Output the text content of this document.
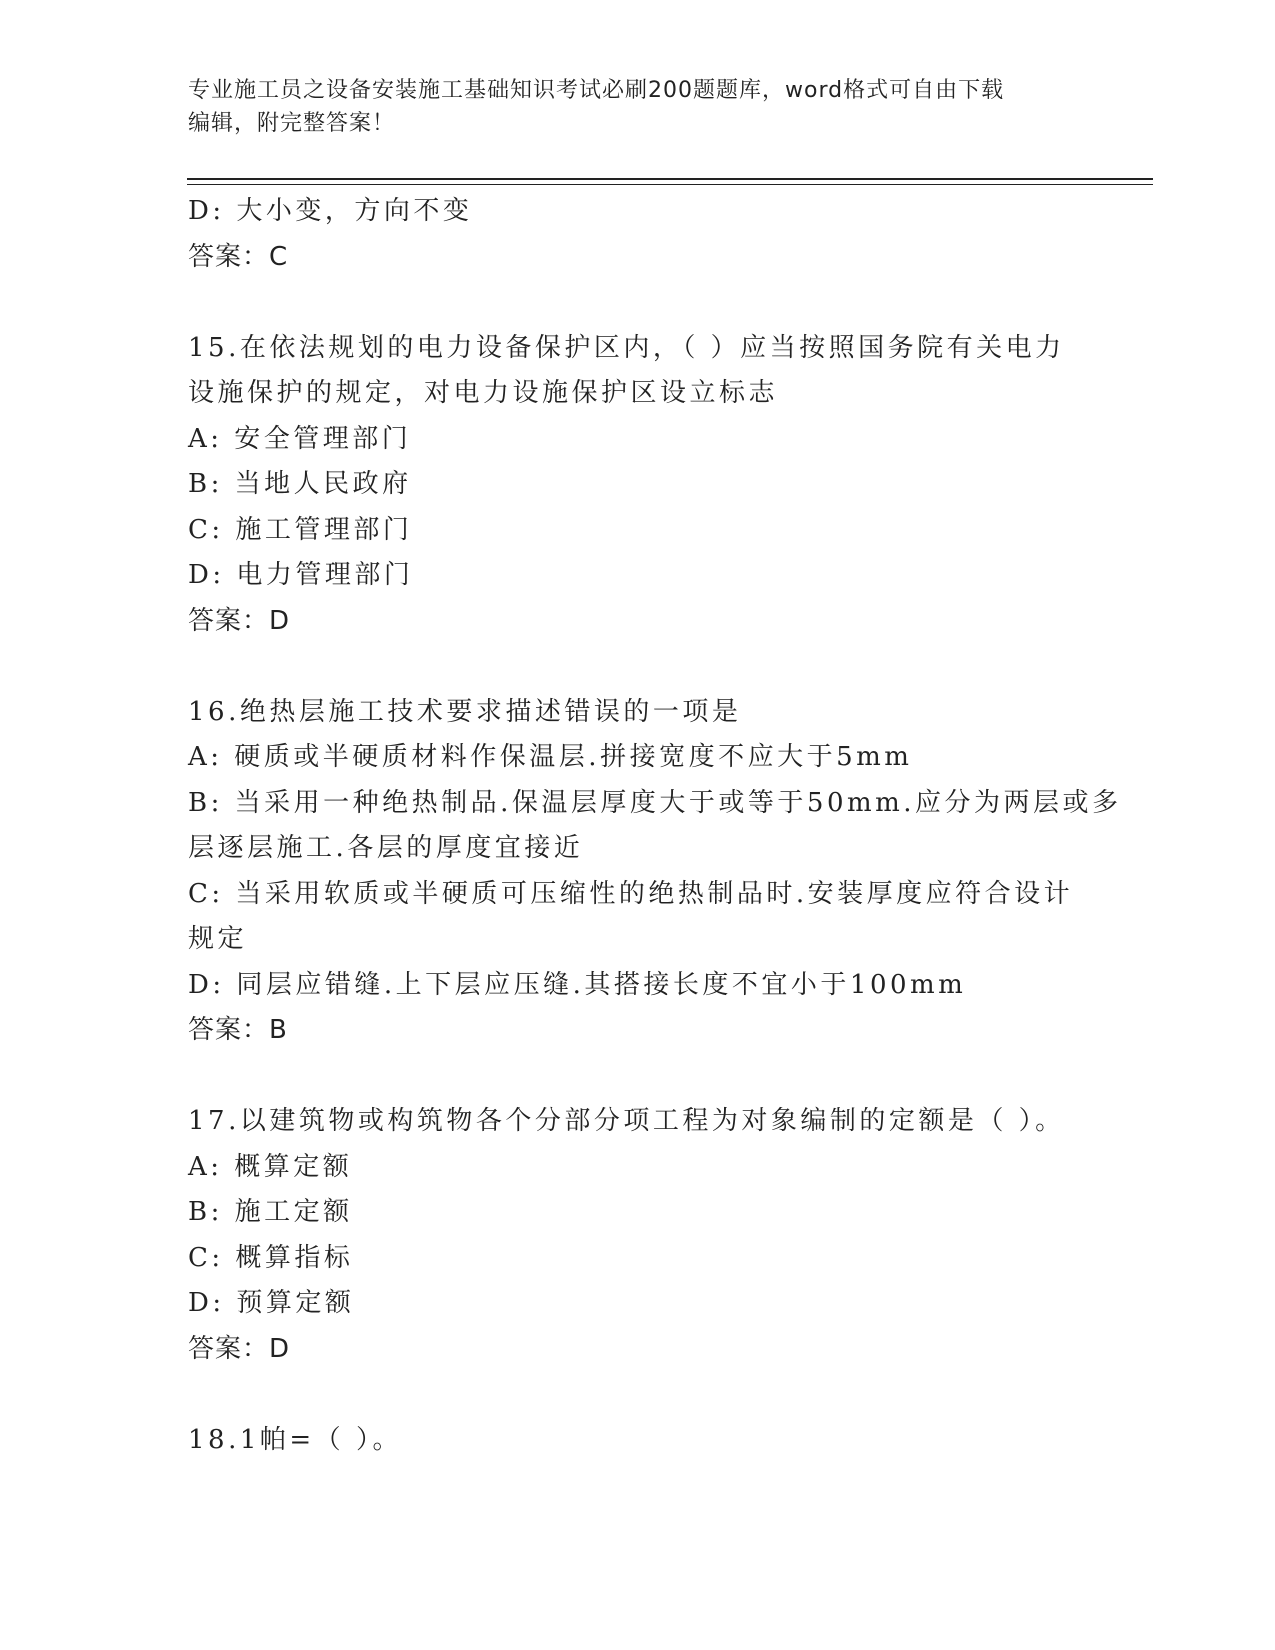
专业施工员之设备安装施工基础知识考试必刷200题题库，word格式可自由下载
编辑，附完整答案！
D: 大小变，方向不变
答案：C
15.在依法规划的电力设备保护区内，（ ）应当按照国务院有关电力
设施保护的规定，对电力设施保护区设立标志
A: 安全管理部门
B: 当地人民政府
C: 施工管理部门
D: 电力管理部门
答案：D
16.绝热层施工技术要求描述错误的一项是
A: 硬质或半硬质材料作保温层.拼接宽度不应大于5mm
B: 当采用一种绝热制品.保温层厚度大于或等于50mm.应分为两层或多
层逐层施工.各层的厚度宜接近
C: 当采用软质或半硬质可压缩性的绝热制品时.安装厚度应符合设计
规定
D: 同层应错缝.上下层应压缝.其搭接长度不宜小于100mm
答案：B
17.以建筑物或构筑物各个分部分项工程为对象编制的定额是（ ）。
A: 概算定额
B: 施工定额
C: 概算指标
D: 预算定额
答案：D
18.1帕=（ ）。
